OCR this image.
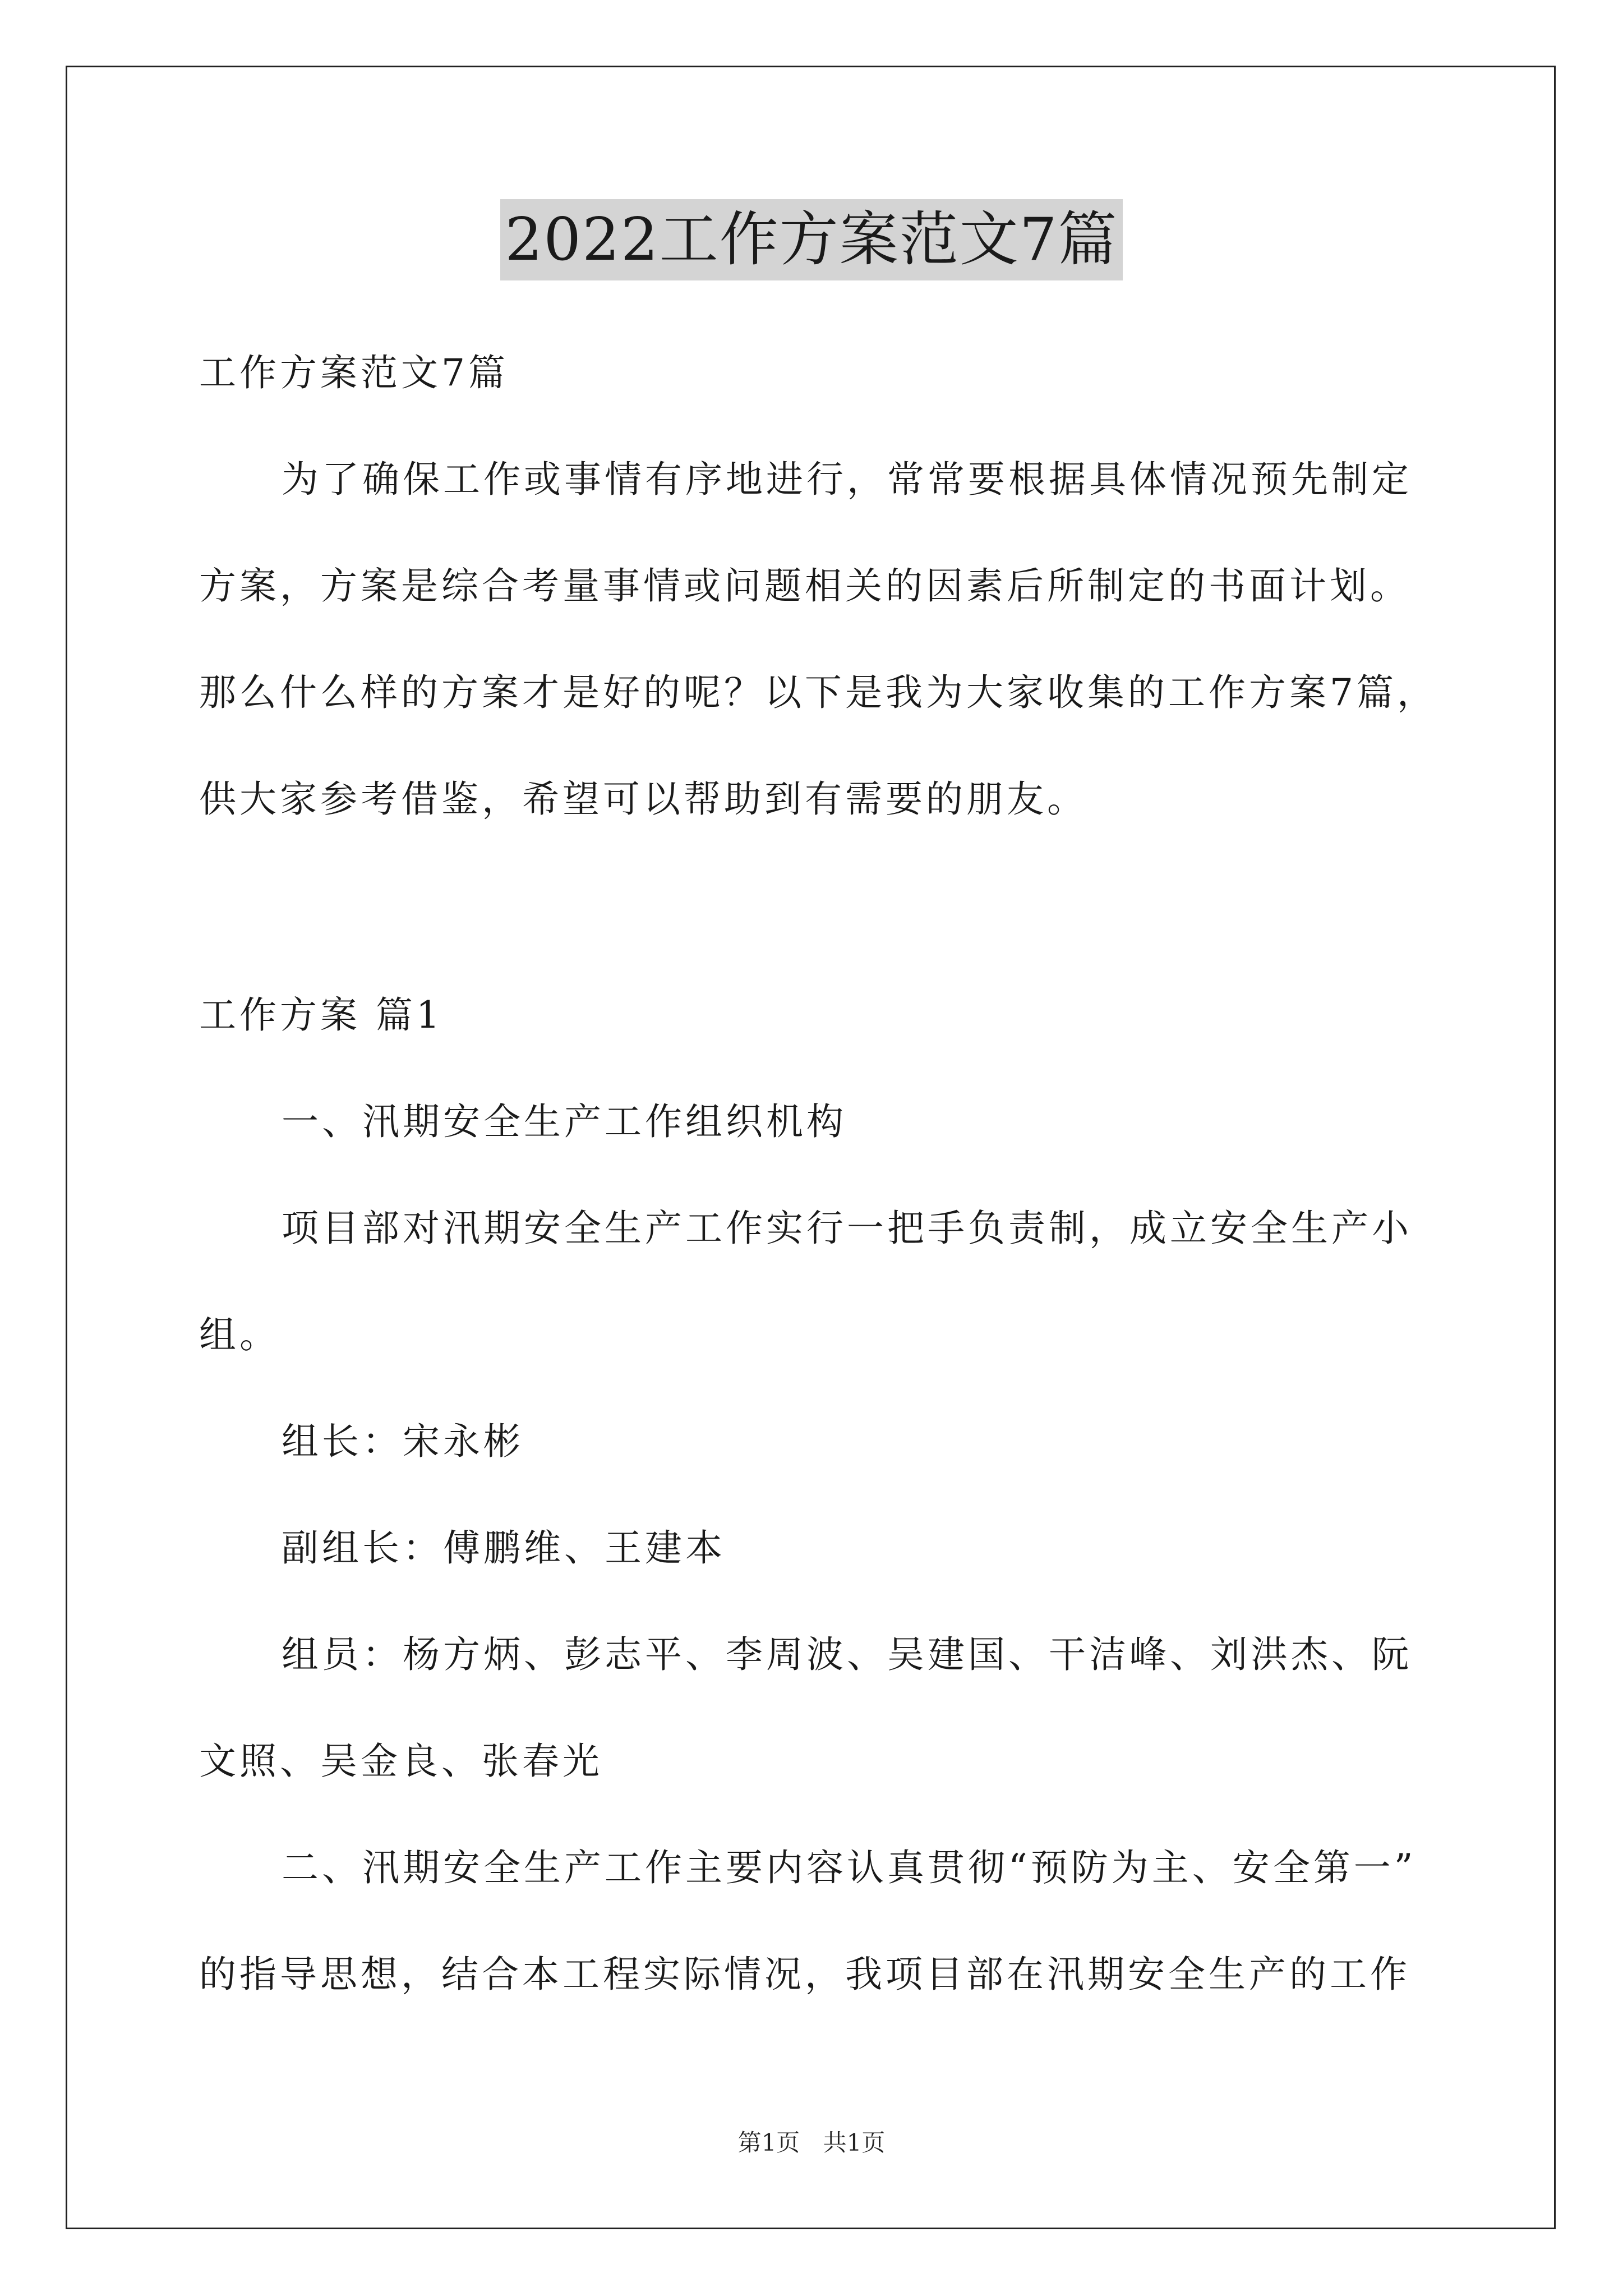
2022工作方案范文7篇
工作方案范文7篇
为了确保工作或事情有序地进行，常常要根据具体情况预先制定
方案，方案是综合考量事情或问题相关的因素后所制定的书面计划。
那么什么样的方案才是好的呢？以下是我为大家收集的工作方案7篇，
供大家参考借鉴，希望可以帮助到有需要的朋友。
工作方案 篇1
一、汛期安全生产工作组织机构
项目部对汛期安全生产工作实行一把手负责制，成立安全生产小
组。
组长：宋永彬
副组长：傅鹏维、王建本
组员：杨方炳、彭志平、李周波、吴建国、干洁峰、刘洪杰、阮
文照、吴金良、张春光
二、汛期安全生产工作主要内容认真贯彻“预防为主、安全第一”
的指导思想，结合本工程实际情况，我项目部在汛期安全生产的工作
第1页 共1页
